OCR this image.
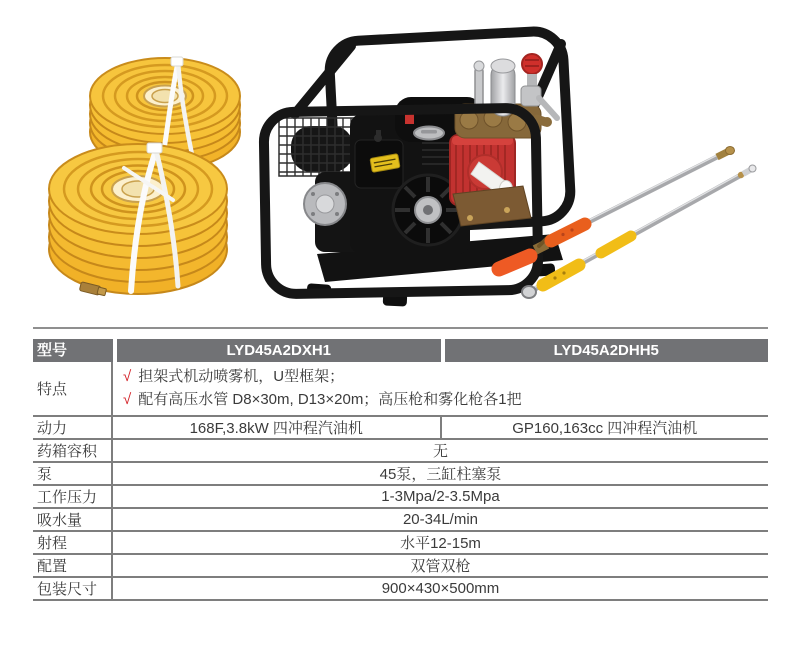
型号	LYD45A2DXH1	LYD45A2DHH5
特点
√ 担架式机动喷雾机，U型框架；
√ 配有高压水管 D8×30m, D13×20m；高压枪和雾化枪各1把
动力	168F,3.8kW 四冲程汽油机	GP160,163cc 四冲程汽油机
药箱容积	无
泵	45泵，三缸柱塞泵
工作压力	1-3Mpa/2-3.5Mpa
吸水量	20-34L/min
射程	水平12-15m
配置	双管双枪
包装尺寸	900×430×500mm
